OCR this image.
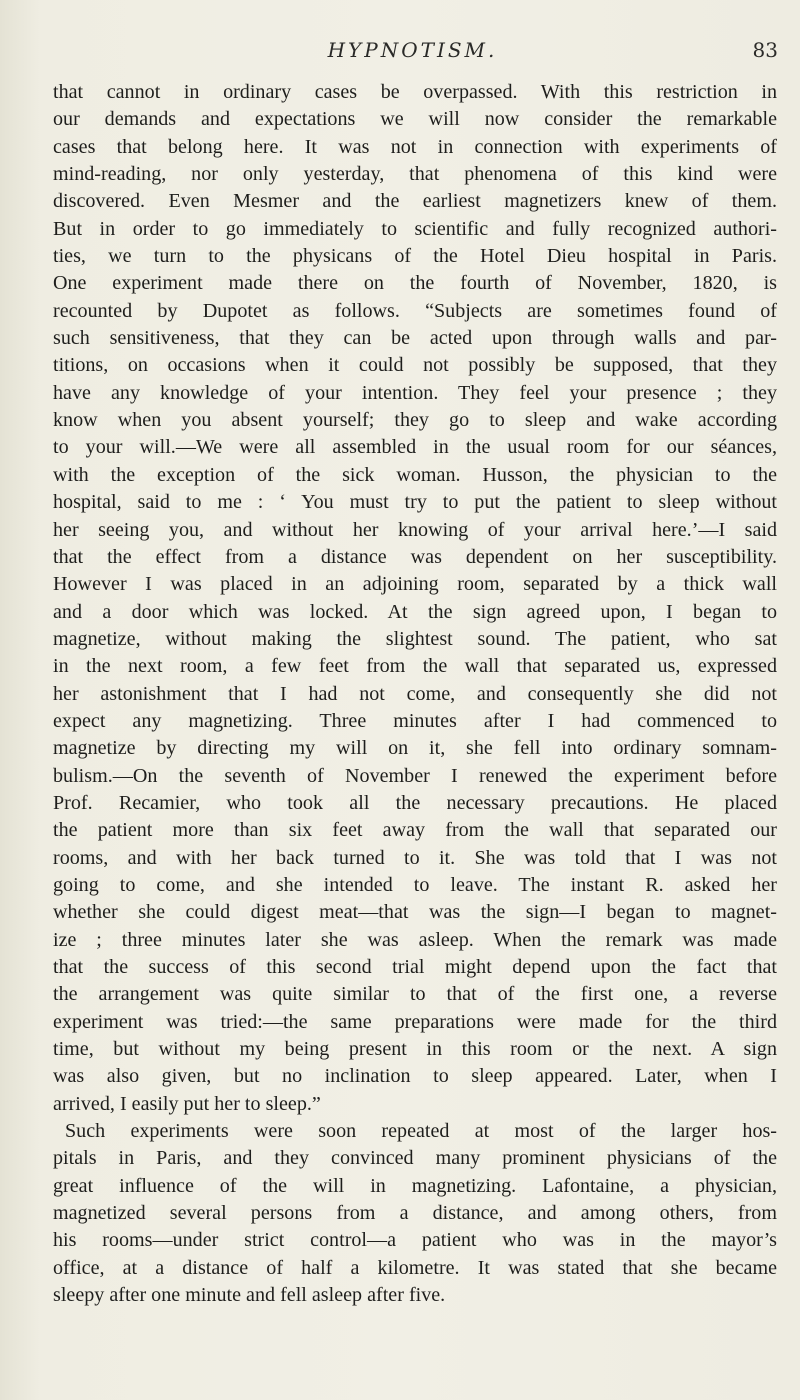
HYPNOTISM.	83
that cannot in ordinary cases be overpassed. With this restriction in
our demands and expectations we will now consider the remarkable
cases that belong here. It was not in connection with experiments of
mind-reading, nor only yesterday, that phenomena of this kind were
discovered. Even Mesmer and the earliest magnetizers knew of them.
But in order to go immediately to scientific and fully recognized authori-
ties, we turn to the physicans of the Hotel Dieu hospital in Paris.
One experiment made there on the fourth of November, 1820, is
recounted by Dupotet as follows. “Subjects are sometimes found of
such sensitiveness, that they can be acted upon through walls and par-
titions, on occasions when it could not possibly be supposed, that they
have any knowledge of your intention. They feel your presence ; they
know when you absent yourself; they go to sleep and wake according
to your will.—We were all assembled in the usual room for our séances,
with the exception of the sick woman. Husson, the physician to the
hospital, said to me : ‘ You must try to put the patient to sleep without
her seeing you, and without her knowing of your arrival here.’—I said
that the effect from a distance was dependent on her susceptibility.
However I was placed in an adjoining room, separated by a thick wall
and a door which was locked. At the sign agreed upon, I began to
magnetize, without making the slightest sound. The patient, who sat
in the next room, a few feet from the wall that separated us, expressed
her astonishment that I had not come, and consequently she did not
expect any magnetizing. Three minutes after I had commenced to
magnetize by directing my will on it, she fell into ordinary somnam-
bulism.—On the seventh of November I renewed the experiment before
Prof. Recamier, who took all the necessary precautions. He placed
the patient more than six feet away from the wall that separated our
rooms, and with her back turned to it. She was told that I was not
going to come, and she intended to leave. The instant R. asked her
whether she could digest meat—that was the sign—I began to magnet-
ize ; three minutes later she was asleep. When the remark was made
that the success of this second trial might depend upon the fact that
the arrangement was quite similar to that of the first one, a reverse
experiment was tried:—the same preparations were made for the third
time, but without my being present in this room or the next. A sign
was also given, but no inclination to sleep appeared. Later, when I
arrived, I easily put her to sleep.”
Such experiments were soon repeated at most of the larger hos-
pitals in Paris, and they convinced many prominent physicians of the
great influence of the will in magnetizing. Lafontaine, a physician,
magnetized several persons from a distance, and among others, from
his rooms—under strict control—a patient who was in the mayor’s
office, at a distance of half a kilometre. It was stated that she became
sleepy after one minute and fell asleep after five.
